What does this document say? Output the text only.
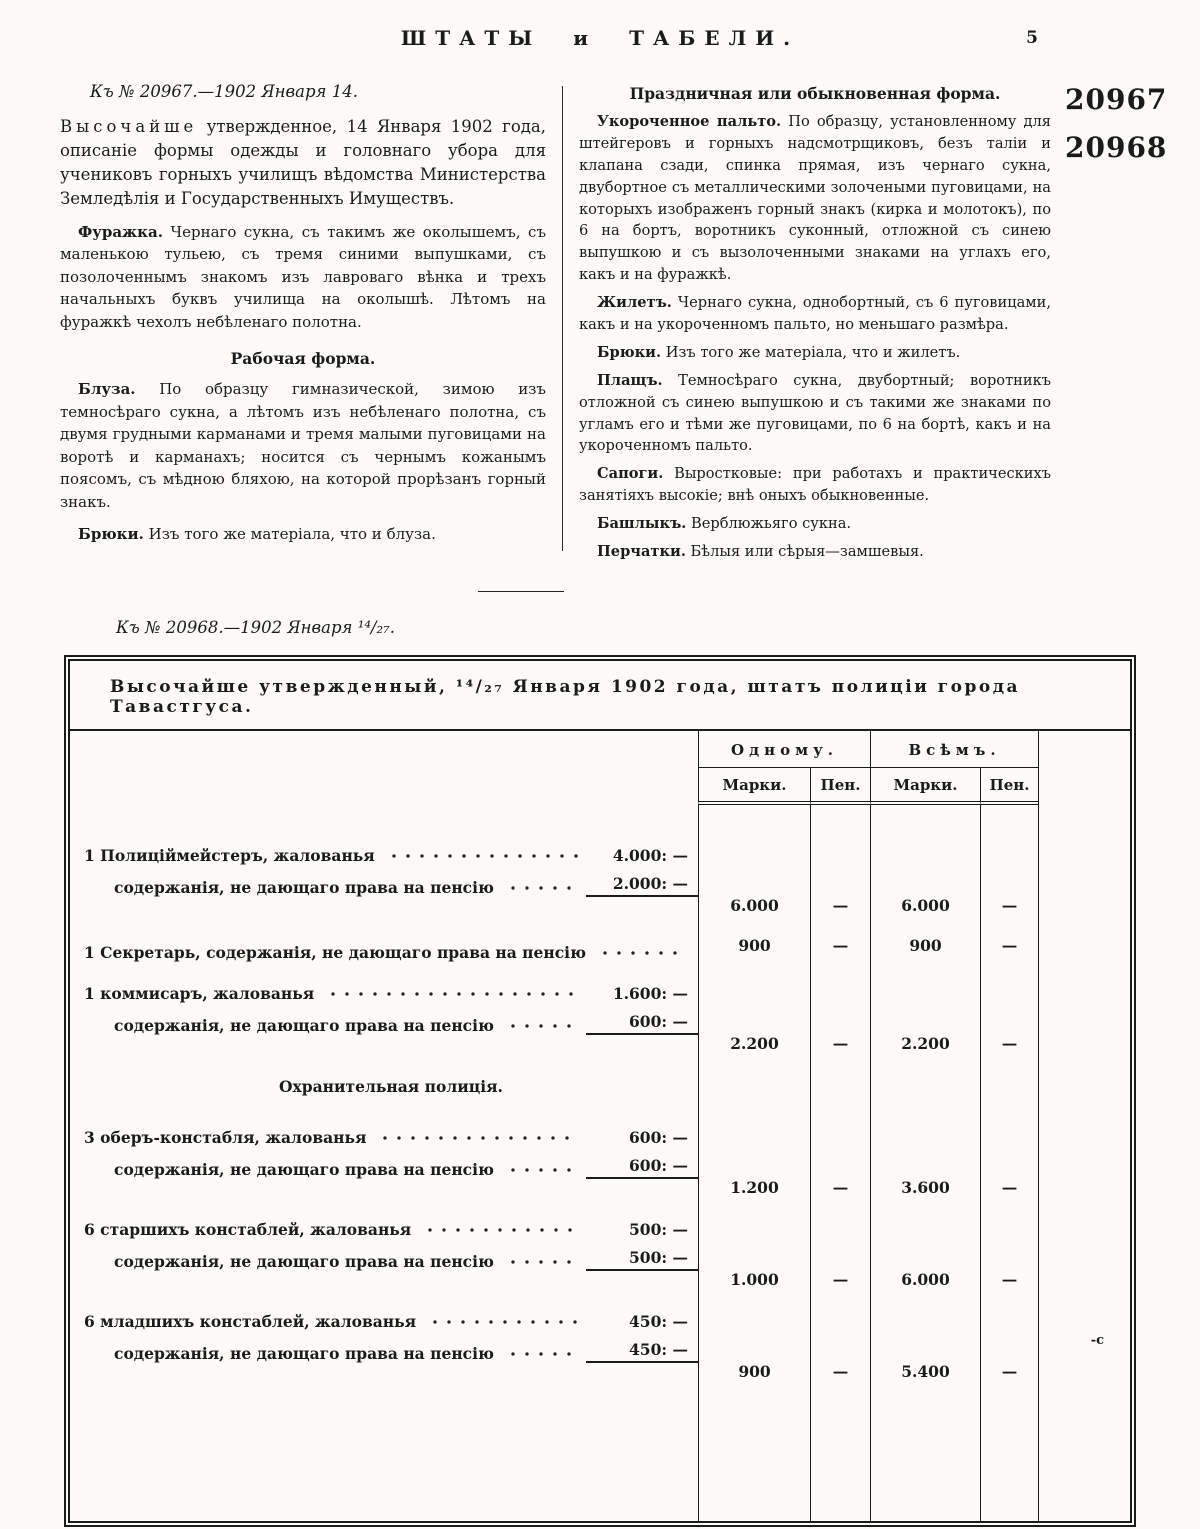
ШТАТЫ и ТАБЕЛИ.	5

Къ № 20967.—1902 Января 14.

Высочайше утвержденное, 14 Января 1902 года, описаніе формы одежды и головнаго убора для учениковъ горныхъ училищъ вѣдомства Министерства Земледѣлія и Государственныхъ Имуществъ.

Фуражка. Чернаго сукна, съ такимъ же околышемъ, съ маленькою тульею, съ тремя синими выпушками, съ позолоченнымъ знакомъ изъ лавроваго вѣнка и трехъ начальныхъ буквъ училища на околышѣ. Лѣтомъ на фуражкѣ чехолъ небѣленаго полотна.

Рабочая форма.

Блуза. По образцу гимназической, зимою изъ темносѣраго сукна, а лѣтомъ изъ небѣленаго полотна, съ двумя грудными карманами и тремя малыми пуговицами на воротѣ и карманахъ; носится съ чернымъ кожанымъ поясомъ, съ мѣдною бляхою, на которой прорѣзанъ горный знакъ.

Брюки. Изъ того же матеріала, что и блуза.

Праздничная или обыкновенная форма.

Укороченное пальто. По образцу, установленному для штейгеровъ и горныхъ надсмотрщиковъ, безъ таліи и клапана сзади, спинка прямая, изъ чернаго сукна, двубортное съ металлическими золочеными пуговицами, на которыхъ изображенъ горный знакъ (кирка и молотокъ), по 6 на бортъ, воротникъ суконный, отложной съ синею выпушкою и съ вызолоченными знаками на углахъ его, какъ и на фуражкѣ.

Жилетъ. Чернаго сукна, однобортный, съ 6 пуговицами, какъ и на укороченномъ пальто, но меньшаго размѣра.

Брюки. Изъ того же матеріала, что и жилетъ.

Плащъ. Темносѣраго сукна, двубортный; воротникъ отложной съ синею выпушкою и съ такими же знаками по угламъ его и тѣми же пуговицами, по 6 на бортѣ, какъ и на укороченномъ пальто.

Сапоги. Выростковые: при работахъ и практическихъ занятіяхъ высокіе; внѣ оныхъ обыкновенные.

Башлыкъ. Верблюжьяго сукна.

Перчатки. Бѣлыя или сѣрыя—замшевыя.

20967
20968

Къ № 20968.—1902 Января ¹⁴/₂₇.

Высочайше утвержденный, ¹⁴/₂₇ Января 1902 года, штатъ полиціи города Тавастгуса.
Одному.	Всѣмъ.
Марки.	Пен.	Марки.	Пен.
1 Полиціймейстеръ, жалованья	4.000: —
содержанія, не дающаго права на пенсію	2.000: —
6.000	—	6.000	—
1 Секретарь, содержанія, не дающаго права на пенсію	900	—	900	—
1 коммисаръ, жалованья	1.600: —
содержанія, не дающаго права на пенсію	600: —
2.200	—	2.200	—
Охранительная полиція.
3 оберъ-констабля, жалованья	600: —
содержанія, не дающаго права на пенсію	600: —
1.200	—	3.600	—
6 старшихъ констаблей, жалованья	500: —
содержанія, не дающаго права на пенсію	500: —
1.000	—	6.000	—
6 младшихъ констаблей, жалованья	450: —
содержанія, не дающаго права на пенсію	450: —
900	—	5.400	—
-с
